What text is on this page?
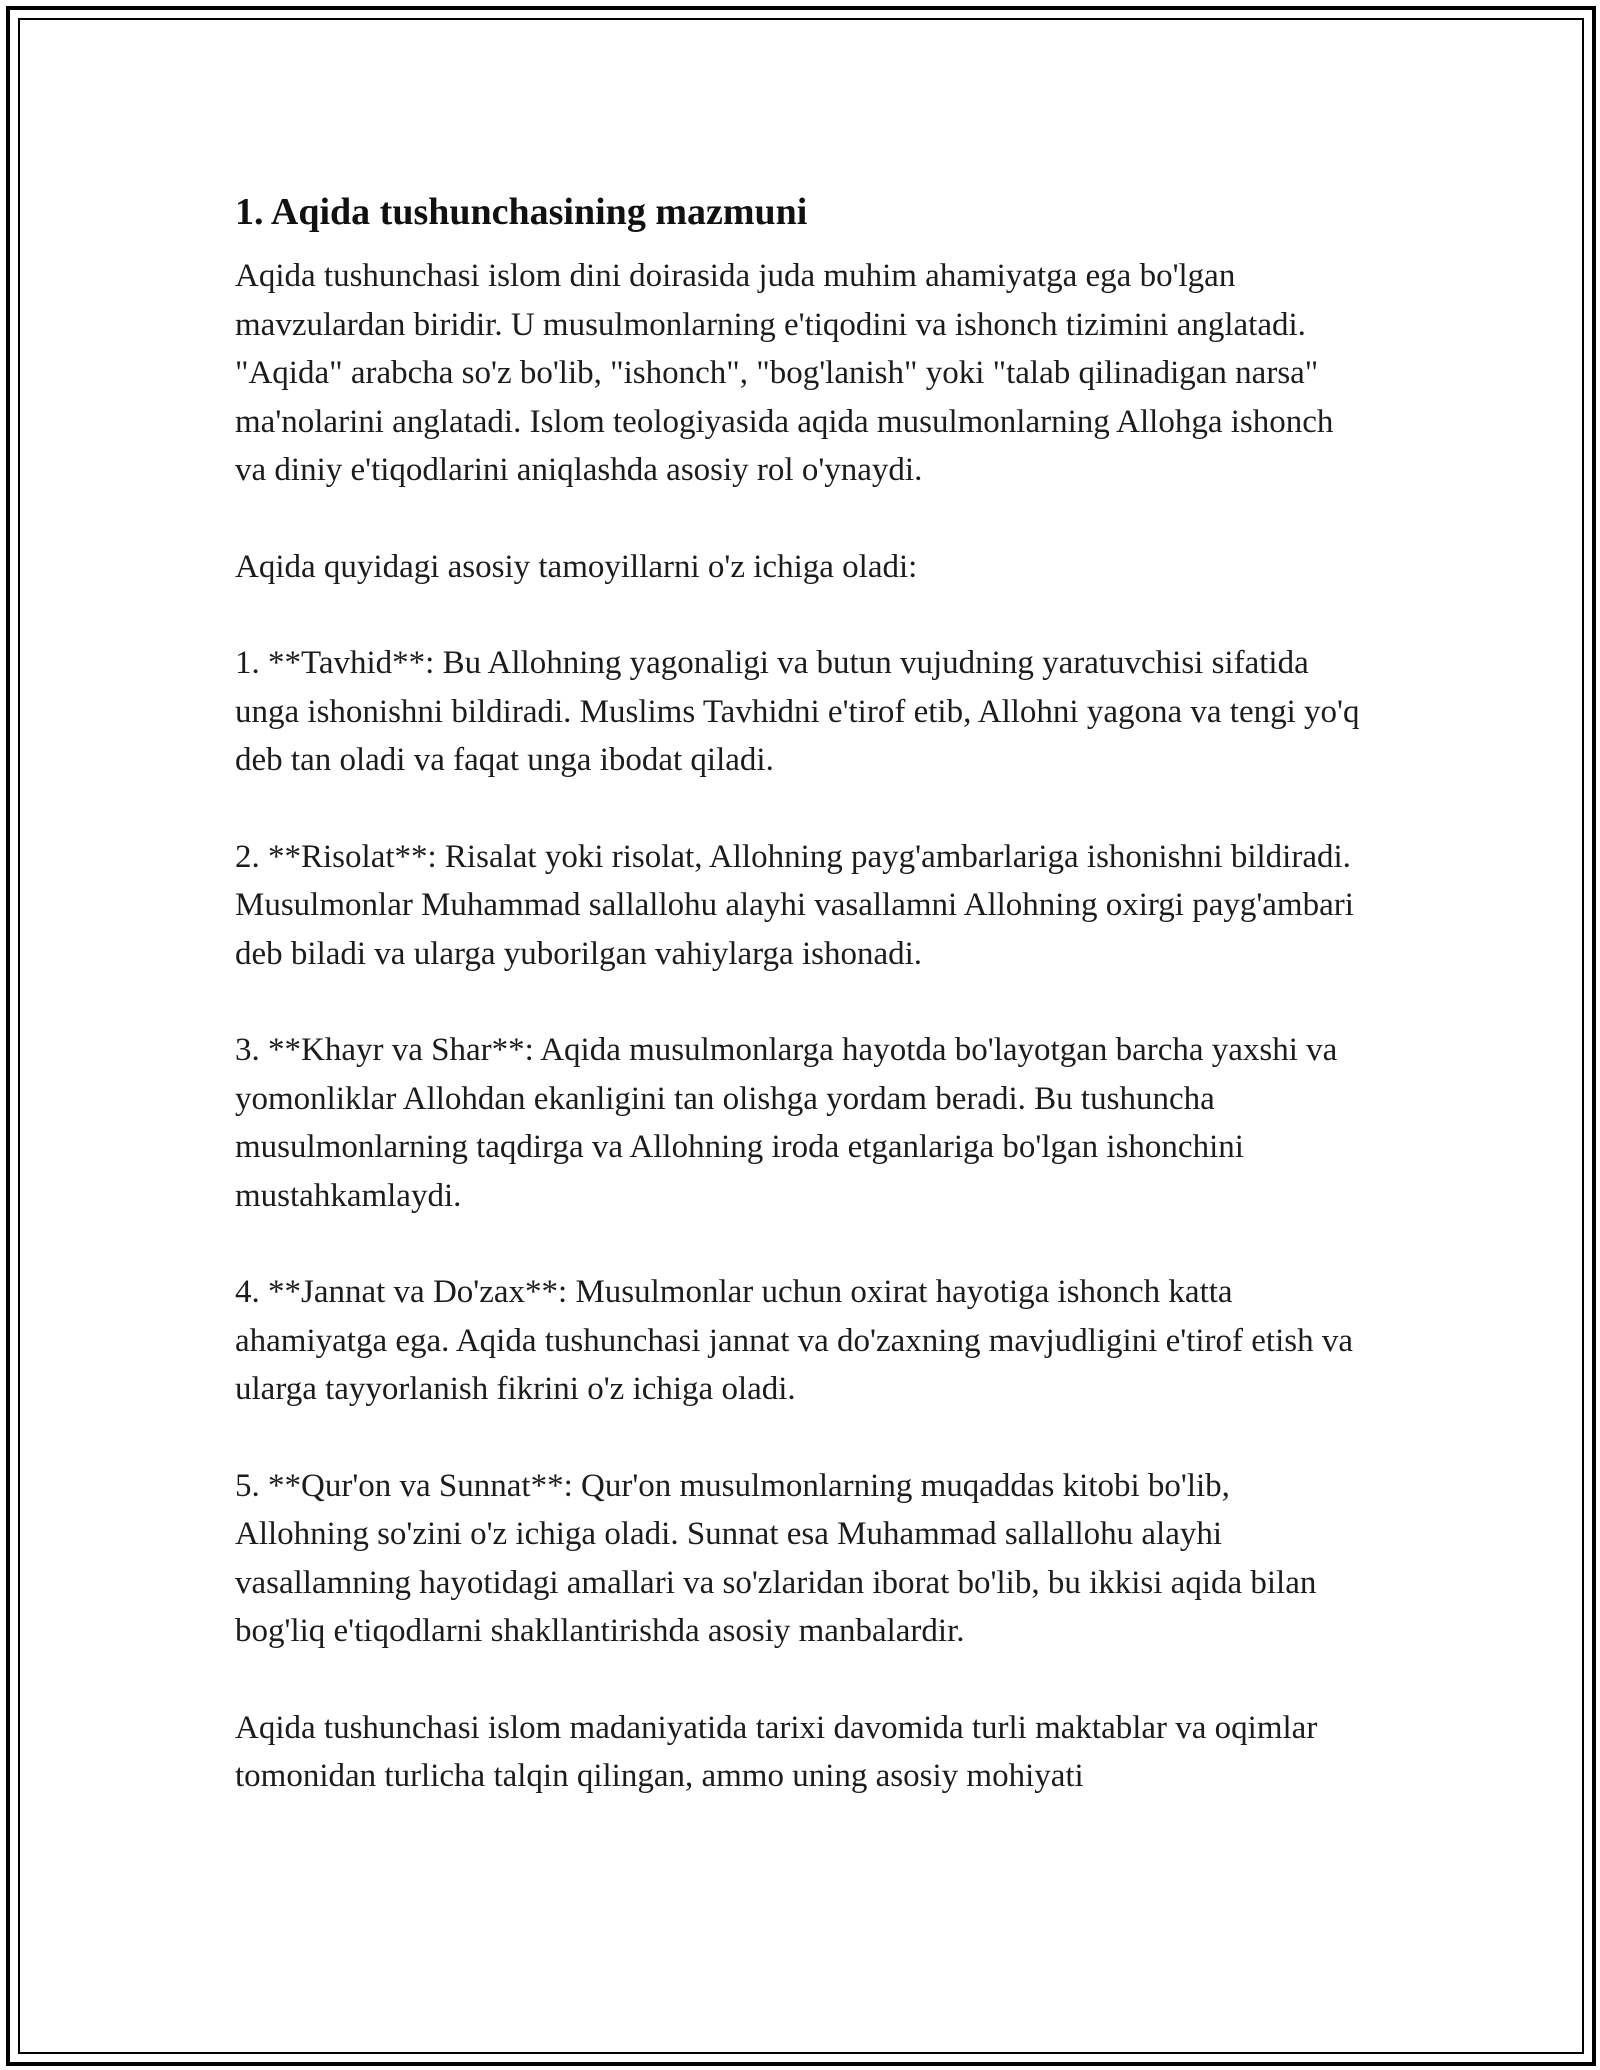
1. Aqida tushunchasining mazmuni

Aqida tushunchasi islom dini doirasida juda muhim ahamiyatga ega bo'lgan mavzulardan biridir. U musulmonlarning e'tiqodini va ishonch tizimini anglatadi. "Aqida" arabcha so'z bo'lib, "ishonch", "bog'lanish" yoki "talab qilinadigan narsa" ma'nolarini anglatadi. Islom teologiyasida aqida musulmonlarning Allohga ishonch va diniy e'tiqodlarini aniqlashda asosiy rol o'ynaydi.

Aqida quyidagi asosiy tamoyillarni o'z ichiga oladi:

1. **Tavhid**: Bu Allohning yagonaligi va butun vujudning yaratuvchisi sifatida unga ishonishni bildiradi. Muslims Tavhidni e'tirof etib, Allohni yagona va tengi yo'q deb tan oladi va faqat unga ibodat qiladi.

2. **Risolat**: Risalat yoki risolat, Allohning payg'ambarlariga ishonishni bildiradi. Musulmonlar Muhammad sallallohu alayhi vasallamni Allohning oxirgi payg'ambari deb biladi va ularga yuborilgan vahiylarga ishonadi.

3. **Khayr va Shar**: Aqida musulmonlarga hayotda bo'layotgan barcha yaxshi va yomonliklar Allohdan ekanligini tan olishga yordam beradi. Bu tushuncha musulmonlarning taqdirga va Allohning iroda etganlariga bo'lgan ishonchini mustahkamlaydi.

4. **Jannat va Do'zax**: Musulmonlar uchun oxirat hayotiga ishonch katta ahamiyatga ega. Aqida tushunchasi jannat va do'zaxning mavjudligini e'tirof etish va ularga tayyorlanish fikrini o'z ichiga oladi.

5. **Qur'on va Sunnat**: Qur'on musulmonlarning muqaddas kitobi bo'lib, Allohning so'zini o'z ichiga oladi. Sunnat esa Muhammad sallallohu alayhi vasallamning hayotidagi amallari va so'zlaridan iborat bo'lib, bu ikkisi aqida bilan bog'liq e'tiqodlarni shakllantirishda asosiy manbalardir.

Aqida tushunchasi islom madaniyatida tarixi davomida turli maktablar va oqimlar tomonidan turlicha talqin qilingan, ammo uning asosiy mohiyati
